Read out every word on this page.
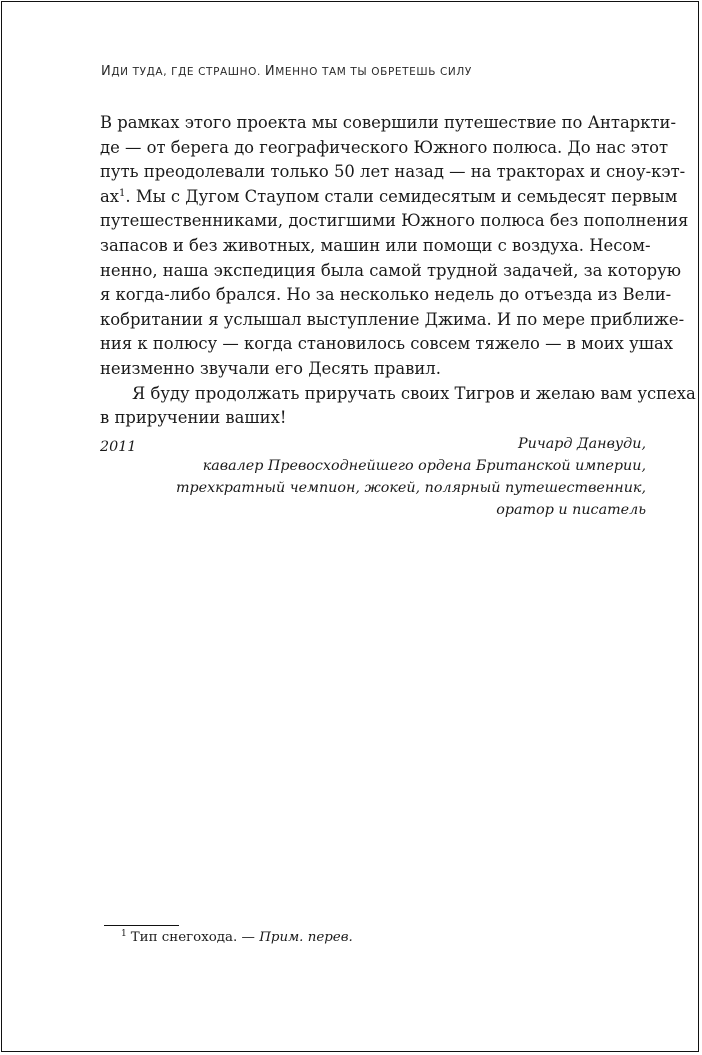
ИДИ ТУДА, ГДЕ СТРАШНО. ИМЕННО ТАМ ТЫ ОБРЕТЕШЬ СИЛУ
В рамках этого проекта мы совершили путешествие по Антаркти-
де — от берега до географического Южного полюса. До нас этот
путь преодолевали только 50 лет назад — на тракторах и сноу-кэт-
ах$^1$. Мы с Дугом Стаупом стали семидесятым и семьдесят первым
путешественниками, достигшими Южного полюса без пополнения
запасов и без животных, машин или помощи с воздуха. Несом-
ненно, наша экспедиция была самой трудной задачей, за которую
я когда-либо брался. Но за несколько недель до отъезда из Вели-
кобритании я услышал выступление Джима. И по мере приближе-
ния к полюсу — когда становилось совсем тяжело — в моих ушах
неизменно звучали его Десять правил.
Я буду продолжать приручать своих Тигров и желаю вам успеха
в приручении ваших!
2011	Ричард Данвуди,
кавалер Превосходнейшего ордена Британской империи,
трехкратный чемпион, жокей, полярный путешественник,
оратор и писатель
$^1$ Тип снегохода. — Прим. перев.
